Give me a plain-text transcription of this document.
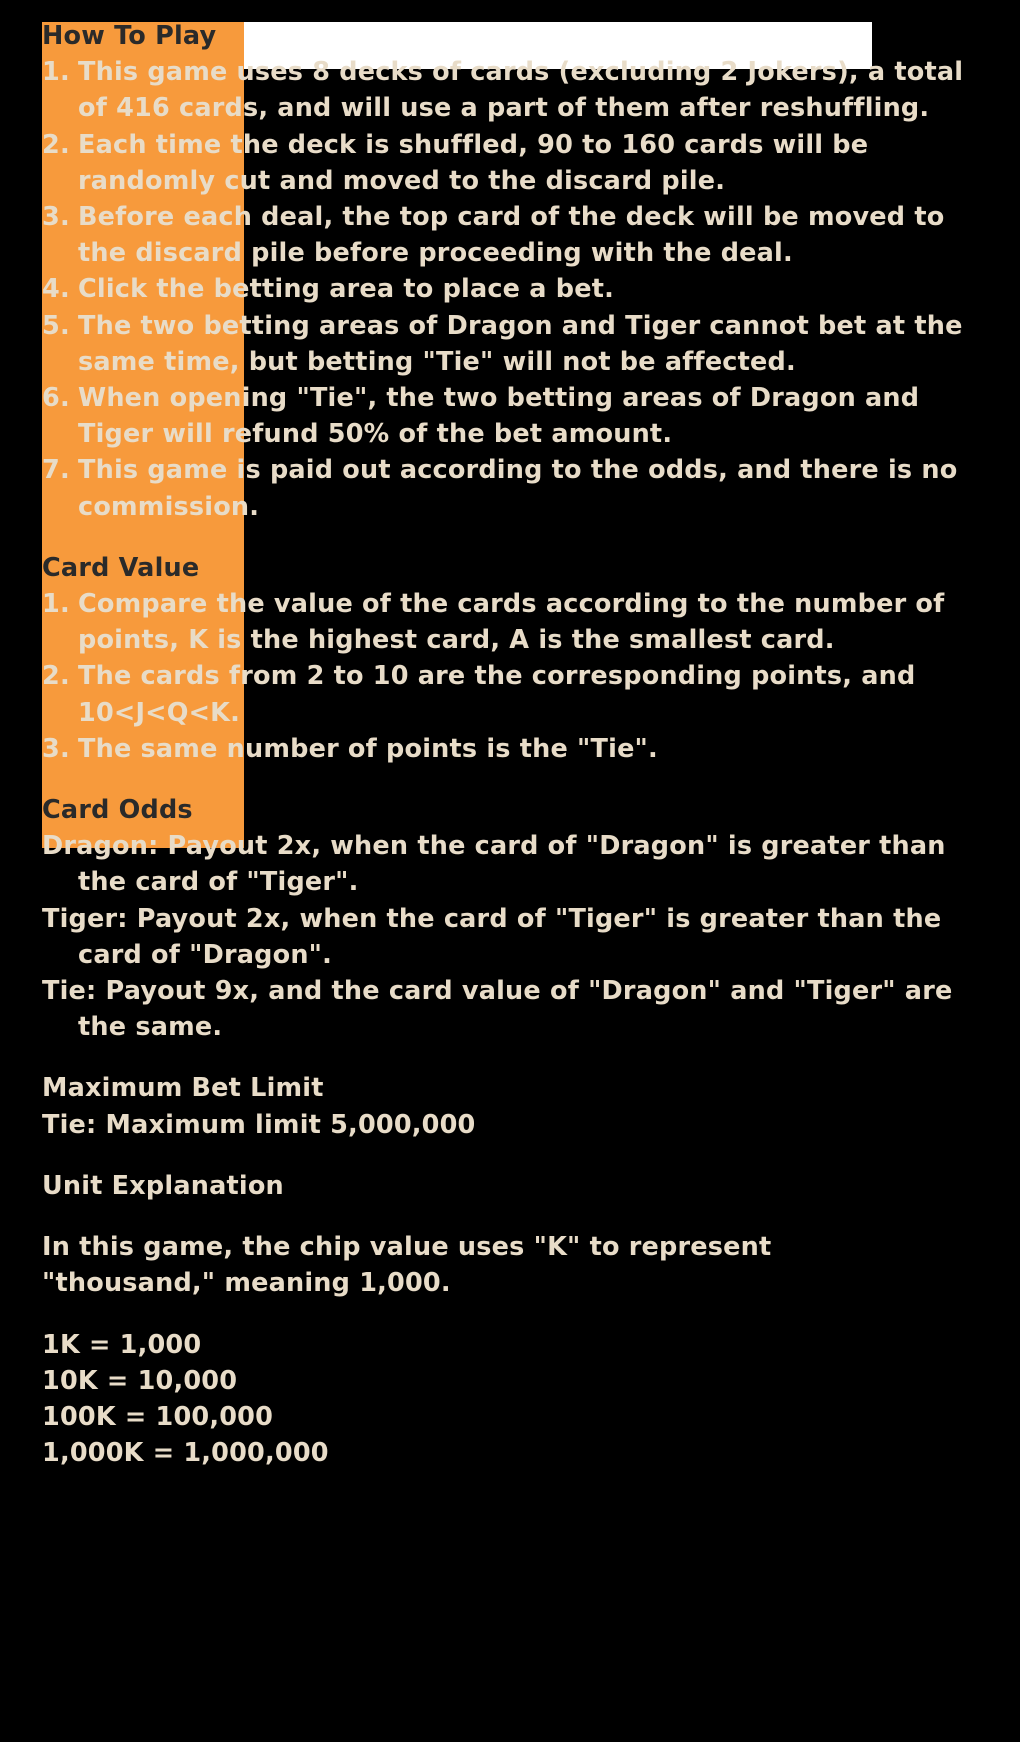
How To Play
1. This game uses 8 decks of cards (excluding 2 Jokers), a total of 416 cards, and will use a part of them after reshuffling.
2. Each time the deck is shuffled, 90 to 160 cards will be randomly cut and moved to the discard pile.
3. Before each deal, the top card of the deck will be moved to the discard pile before proceeding with the deal.
4. Click the betting area to place a bet.
5. The two betting areas of Dragon and Tiger cannot bet at the same time, but betting "Tie" will not be affected.
6. When opening "Tie", the two betting areas of Dragon and Tiger will refund 50% of the bet amount.
7. This game is paid out according to the odds, and there is no commission.
Card Value
1. Compare the value of the cards according to the number of points, K is the highest card, A is the smallest card.
2. The cards from 2 to 10 are the corresponding points, and 10<J<Q<K.
3. The same number of points is the "Tie".
Card Odds
Dragon: Payout 2x, when the card of "Dragon" is greater than the card of "Tiger".
Tiger: Payout 2x, when the card of "Tiger" is greater than the card of "Dragon".
Tie: Payout 9x, and the card value of "Dragon" and "Tiger" are the same.
Maximum Bet Limit
Tie: Maximum limit 5,000,000
Unit Explanation
In this game, the chip value uses "K" to represent
"thousand," meaning 1,000.
1K = 1,000
10K = 10,000
100K = 100,000
1,000K = 1,000,000
